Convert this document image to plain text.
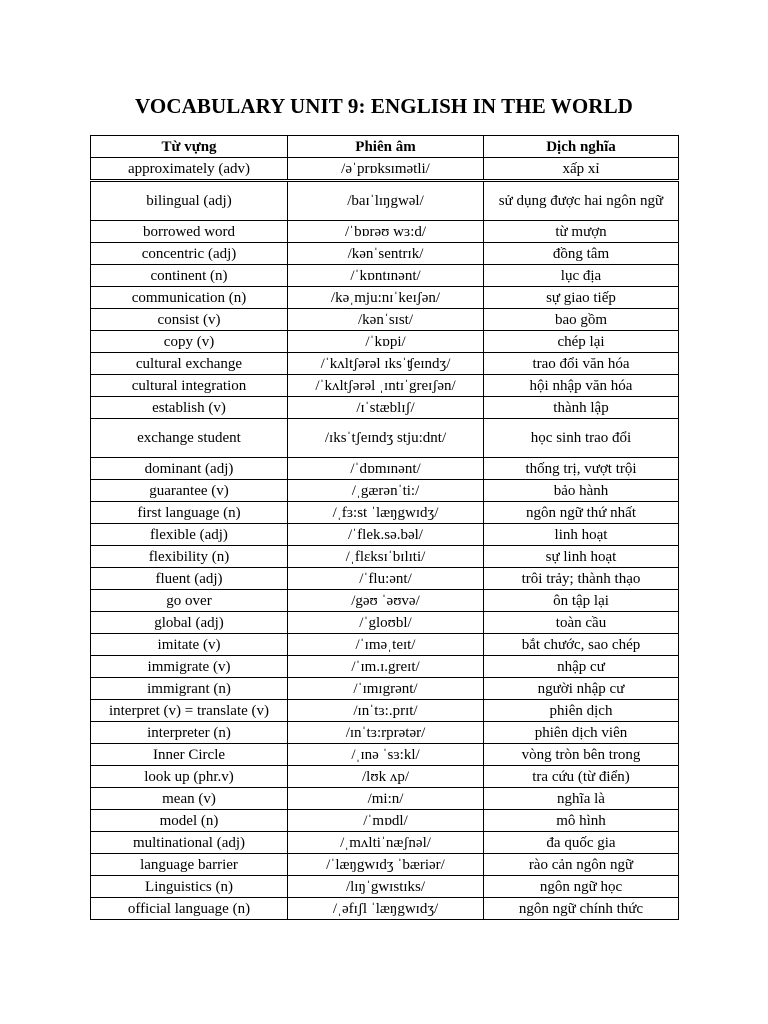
VOCABULARY UNIT 9: ENGLISH IN THE WORLD
Từ vựng	Phiên âm	Dịch nghĩa
approximately (adv)	/əˈprɒksɪmətli/	xấp xỉ
bilingual (adj)	/baɪˈlɪŋgwəl/	sử dụng được hai ngôn ngữ
borrowed word	/ˈbɒrəʊ wɜ:d/	từ mượn
concentric (adj)	/kənˈsentrɪk/	đồng tâm
continent (n)	/ˈkɒntɪnənt/	lục địa
communication (n)	/kəˌmju:nɪˈkeɪʃən/	sự giao tiếp
consist (v)	/kənˈsɪst/	bao gồm
copy (v)	/ˈkɒpi/	chép lại
cultural exchange	/ˈkʌltʃərəl ɪksˈʧeɪndʒ/	trao đổi văn hóa
cultural integration	/ˈkʌltʃərəl ˌɪntɪˈgreɪʃən/	hội nhập văn hóa
establish (v)	/ɪˈstæblɪʃ/	thành lập
exchange student	/ɪksˈtʃeɪndʒ stju:dnt/	học sinh trao đổi
dominant (adj)	/ˈdɒmɪnənt/	thống trị, vượt trội
guarantee (v)	/ˌgærənˈti:/	bảo hành
first language (n)	/ˌfɜ:st ˈlæŋgwɪdʒ/	ngôn ngữ thứ nhất
flexible (adj)	/ˈflek.sə.bəl/	linh hoạt
flexibility (n)	/ˌflɛksɪˈbɪlɪti/	sự linh hoạt
fluent (adj)	/ˈflu:ənt/	trôi trảy; thành thạo
go over	/gəʊ ˈəʊvə/	ôn tập lại
global (adj)	/ˈgloʊbl/	toàn cầu
imitate (v)	/ˈɪməˌteɪt/	bắt chước, sao chép
immigrate (v)	/ˈɪm.ɪ.greɪt/	nhập cư
immigrant (n)	/ˈɪmɪgrənt/	người nhập cư
interpret (v) = translate (v)	/ɪnˈtɜ:.prɪt/	phiên dịch
interpreter (n)	/ɪnˈtɜ:rprətər/	phiên dịch viên
Inner Circle	/ˌɪnə ˈsɜ:kl/	vòng tròn bên trong
look up (phr.v)	/lʊk ʌp/	tra cứu (từ điển)
mean (v)	/mi:n/	nghĩa là
model (n)	/ˈmɒdl/	mô hình
multinational (adj)	/ˌmʌltiˈnæʃnəl/	đa quốc gia
language barrier	/ˈlæŋgwɪdʒ ˈbæriər/	rào cản ngôn ngữ
Linguistics (n)	/lɪŋˈgwɪstɪks/	ngôn ngữ học
official language (n)	/ˌəfɪʃl ˈlæŋgwɪdʒ/	ngôn ngữ chính thức
